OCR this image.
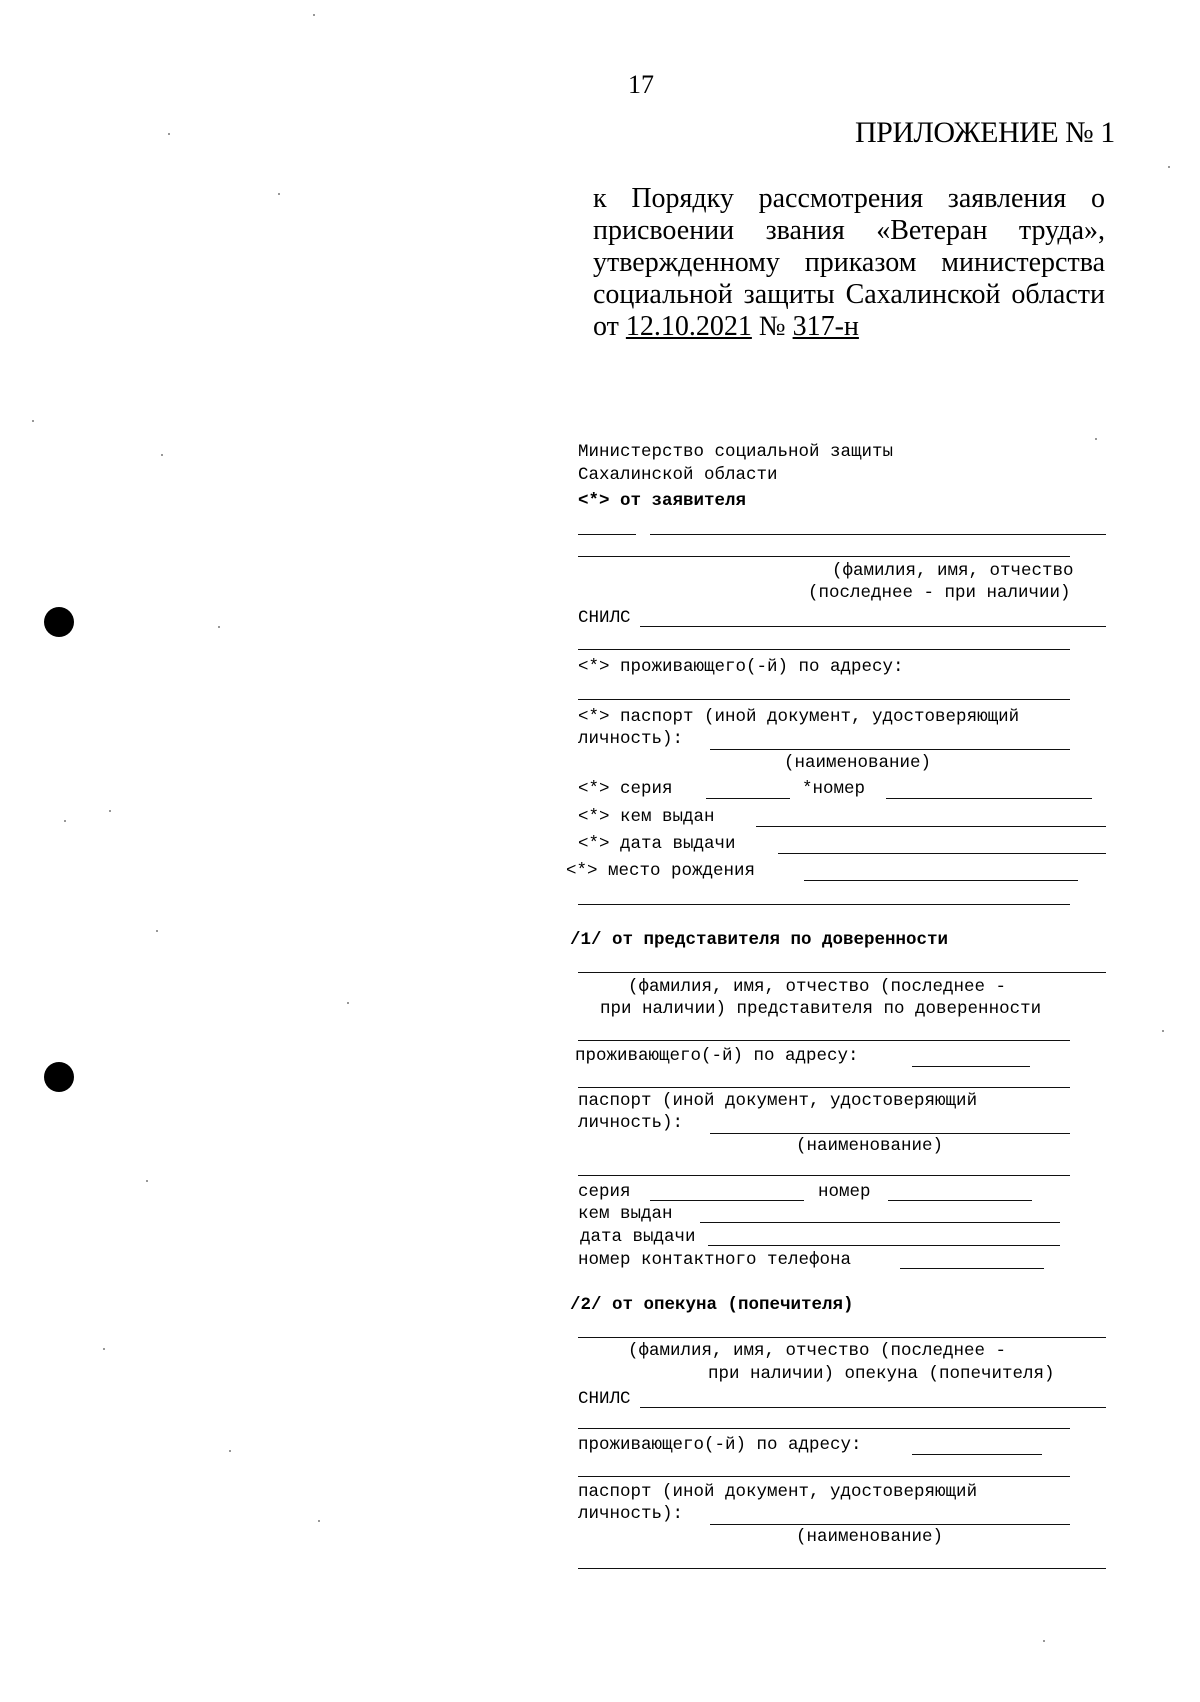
17
ПРИЛОЖЕНИЕ № 1
к Порядку рассмотрения заявления о
присвоении звания «Ветеран труда»,
утвержденному приказом министерства
социальной защиты Сахалинской области
от 12.10.2021 № 317-н
Министерство социальной защиты
Сахалинской области
<*> от заявителя
(фамилия, имя, отчество
(последнее - при наличии)
СНИЛС
<*> проживающего(-й) по адресу:
<*> паспорт (иной документ, удостоверяющий
личность):
(наименование)
<*> серия	*номер
<*> кем выдан
<*> дата выдачи
<*> место рождения
/1/ от представителя по доверенности
(фамилия, имя, отчество (последнее -
при наличии) представителя по доверенности
проживающего(-й) по адресу:
паспорт (иной документ, удостоверяющий
личность):
(наименование)
серия	номер
кем выдан
дата выдачи
номер контактного телефона
/2/ от опекуна (попечителя)
(фамилия, имя, отчество (последнее -
при наличии) опекуна (попечителя)
СНИЛС
проживающего(-й) по адресу:
паспорт (иной документ, удостоверяющий
личность):
(наименование)
